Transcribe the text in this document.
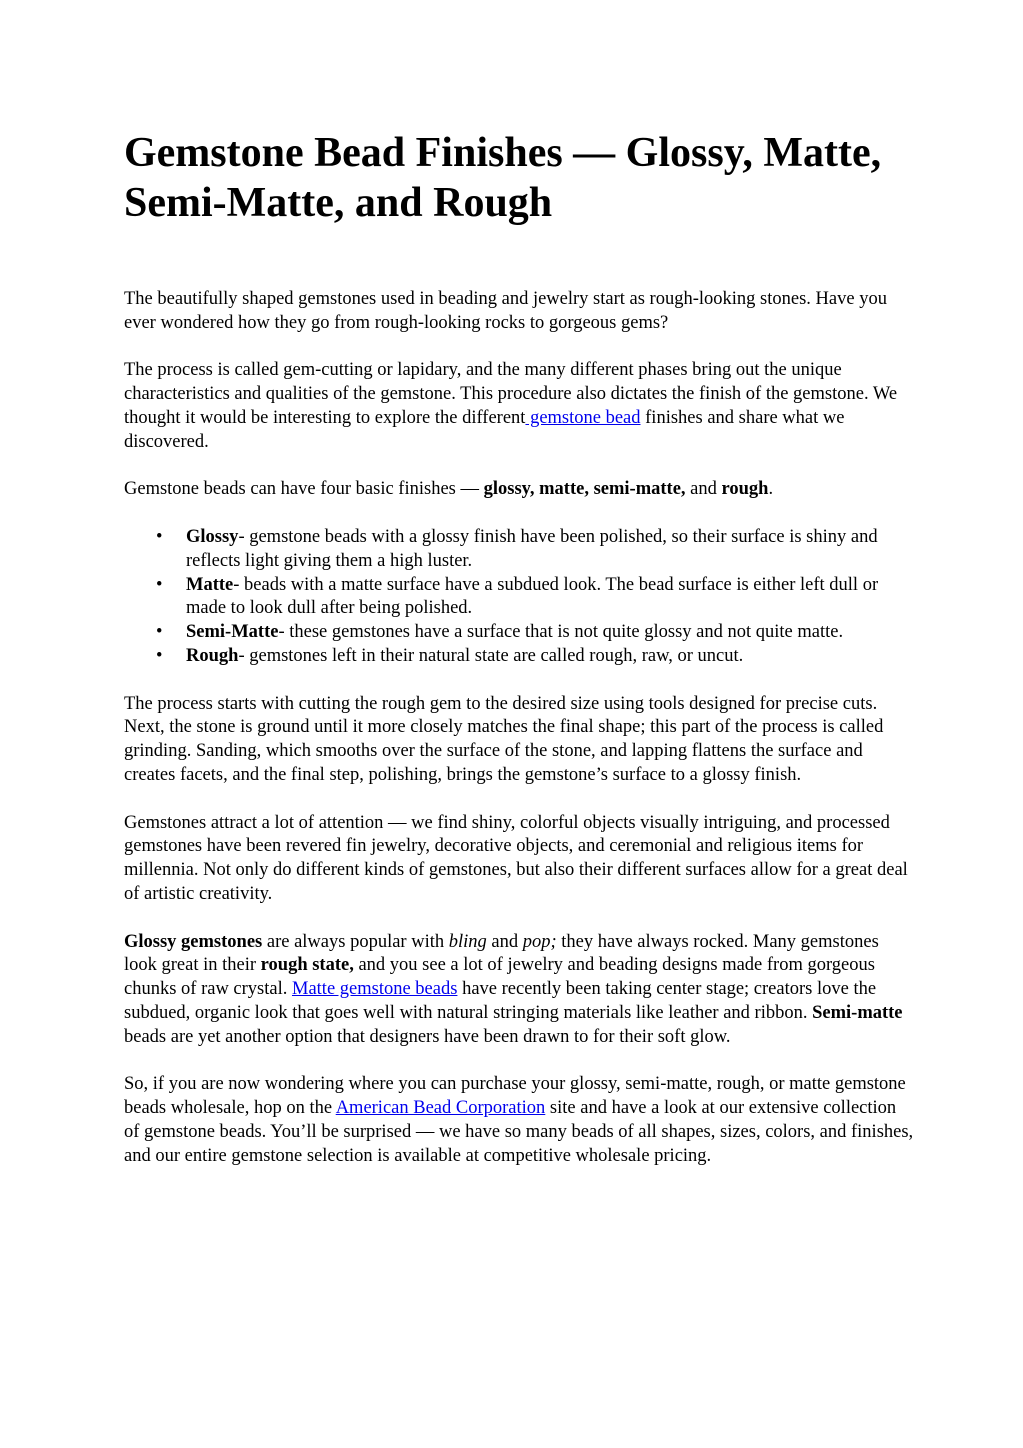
Gemstone Bead Finishes — Glossy, Matte,
Semi-Matte, and Rough

The beautifully shaped gemstones used in beading and jewelry start as rough-looking stones. Have you ever wondered how they go from rough-looking rocks to gorgeous gems?

The process is called gem-cutting or lapidary, and the many different phases bring out the unique characteristics and qualities of the gemstone. This procedure also dictates the finish of the gemstone. We thought it would be interesting to explore the different gemstone bead finishes and share what we discovered.

Gemstone beads can have four basic finishes — glossy, matte, semi-matte, and rough.

• Glossy- gemstone beads with a glossy finish have been polished, so their surface is shiny and reflects light giving them a high luster.
• Matte- beads with a matte surface have a subdued look. The bead surface is either left dull or made to look dull after being polished.
• Semi-Matte- these gemstones have a surface that is not quite glossy and not quite matte.
• Rough- gemstones left in their natural state are called rough, raw, or uncut.

The process starts with cutting the rough gem to the desired size using tools designed for precise cuts. Next, the stone is ground until it more closely matches the final shape; this part of the process is called grinding. Sanding, which smooths over the surface of the stone, and lapping flattens the surface and creates facets, and the final step, polishing, brings the gemstone’s surface to a glossy finish.

Gemstones attract a lot of attention — we find shiny, colorful objects visually intriguing, and processed gemstones have been revered fin jewelry, decorative objects, and ceremonial and religious items for millennia. Not only do different kinds of gemstones, but also their different surfaces allow for a great deal of artistic creativity.

Glossy gemstones are always popular with bling and pop; they have always rocked. Many gemstones look great in their rough state, and you see a lot of jewelry and beading designs made from gorgeous chunks of raw crystal. Matte gemstone beads have recently been taking center stage; creators love the subdued, organic look that goes well with natural stringing materials like leather and ribbon. Semi-matte beads are yet another option that designers have been drawn to for their soft glow.

So, if you are now wondering where you can purchase your glossy, semi-matte, rough, or matte gemstone beads wholesale, hop on the American Bead Corporation site and have a look at our extensive collection of gemstone beads. You’ll be surprised — we have so many beads of all shapes, sizes, colors, and finishes, and our entire gemstone selection is available at competitive wholesale pricing.
